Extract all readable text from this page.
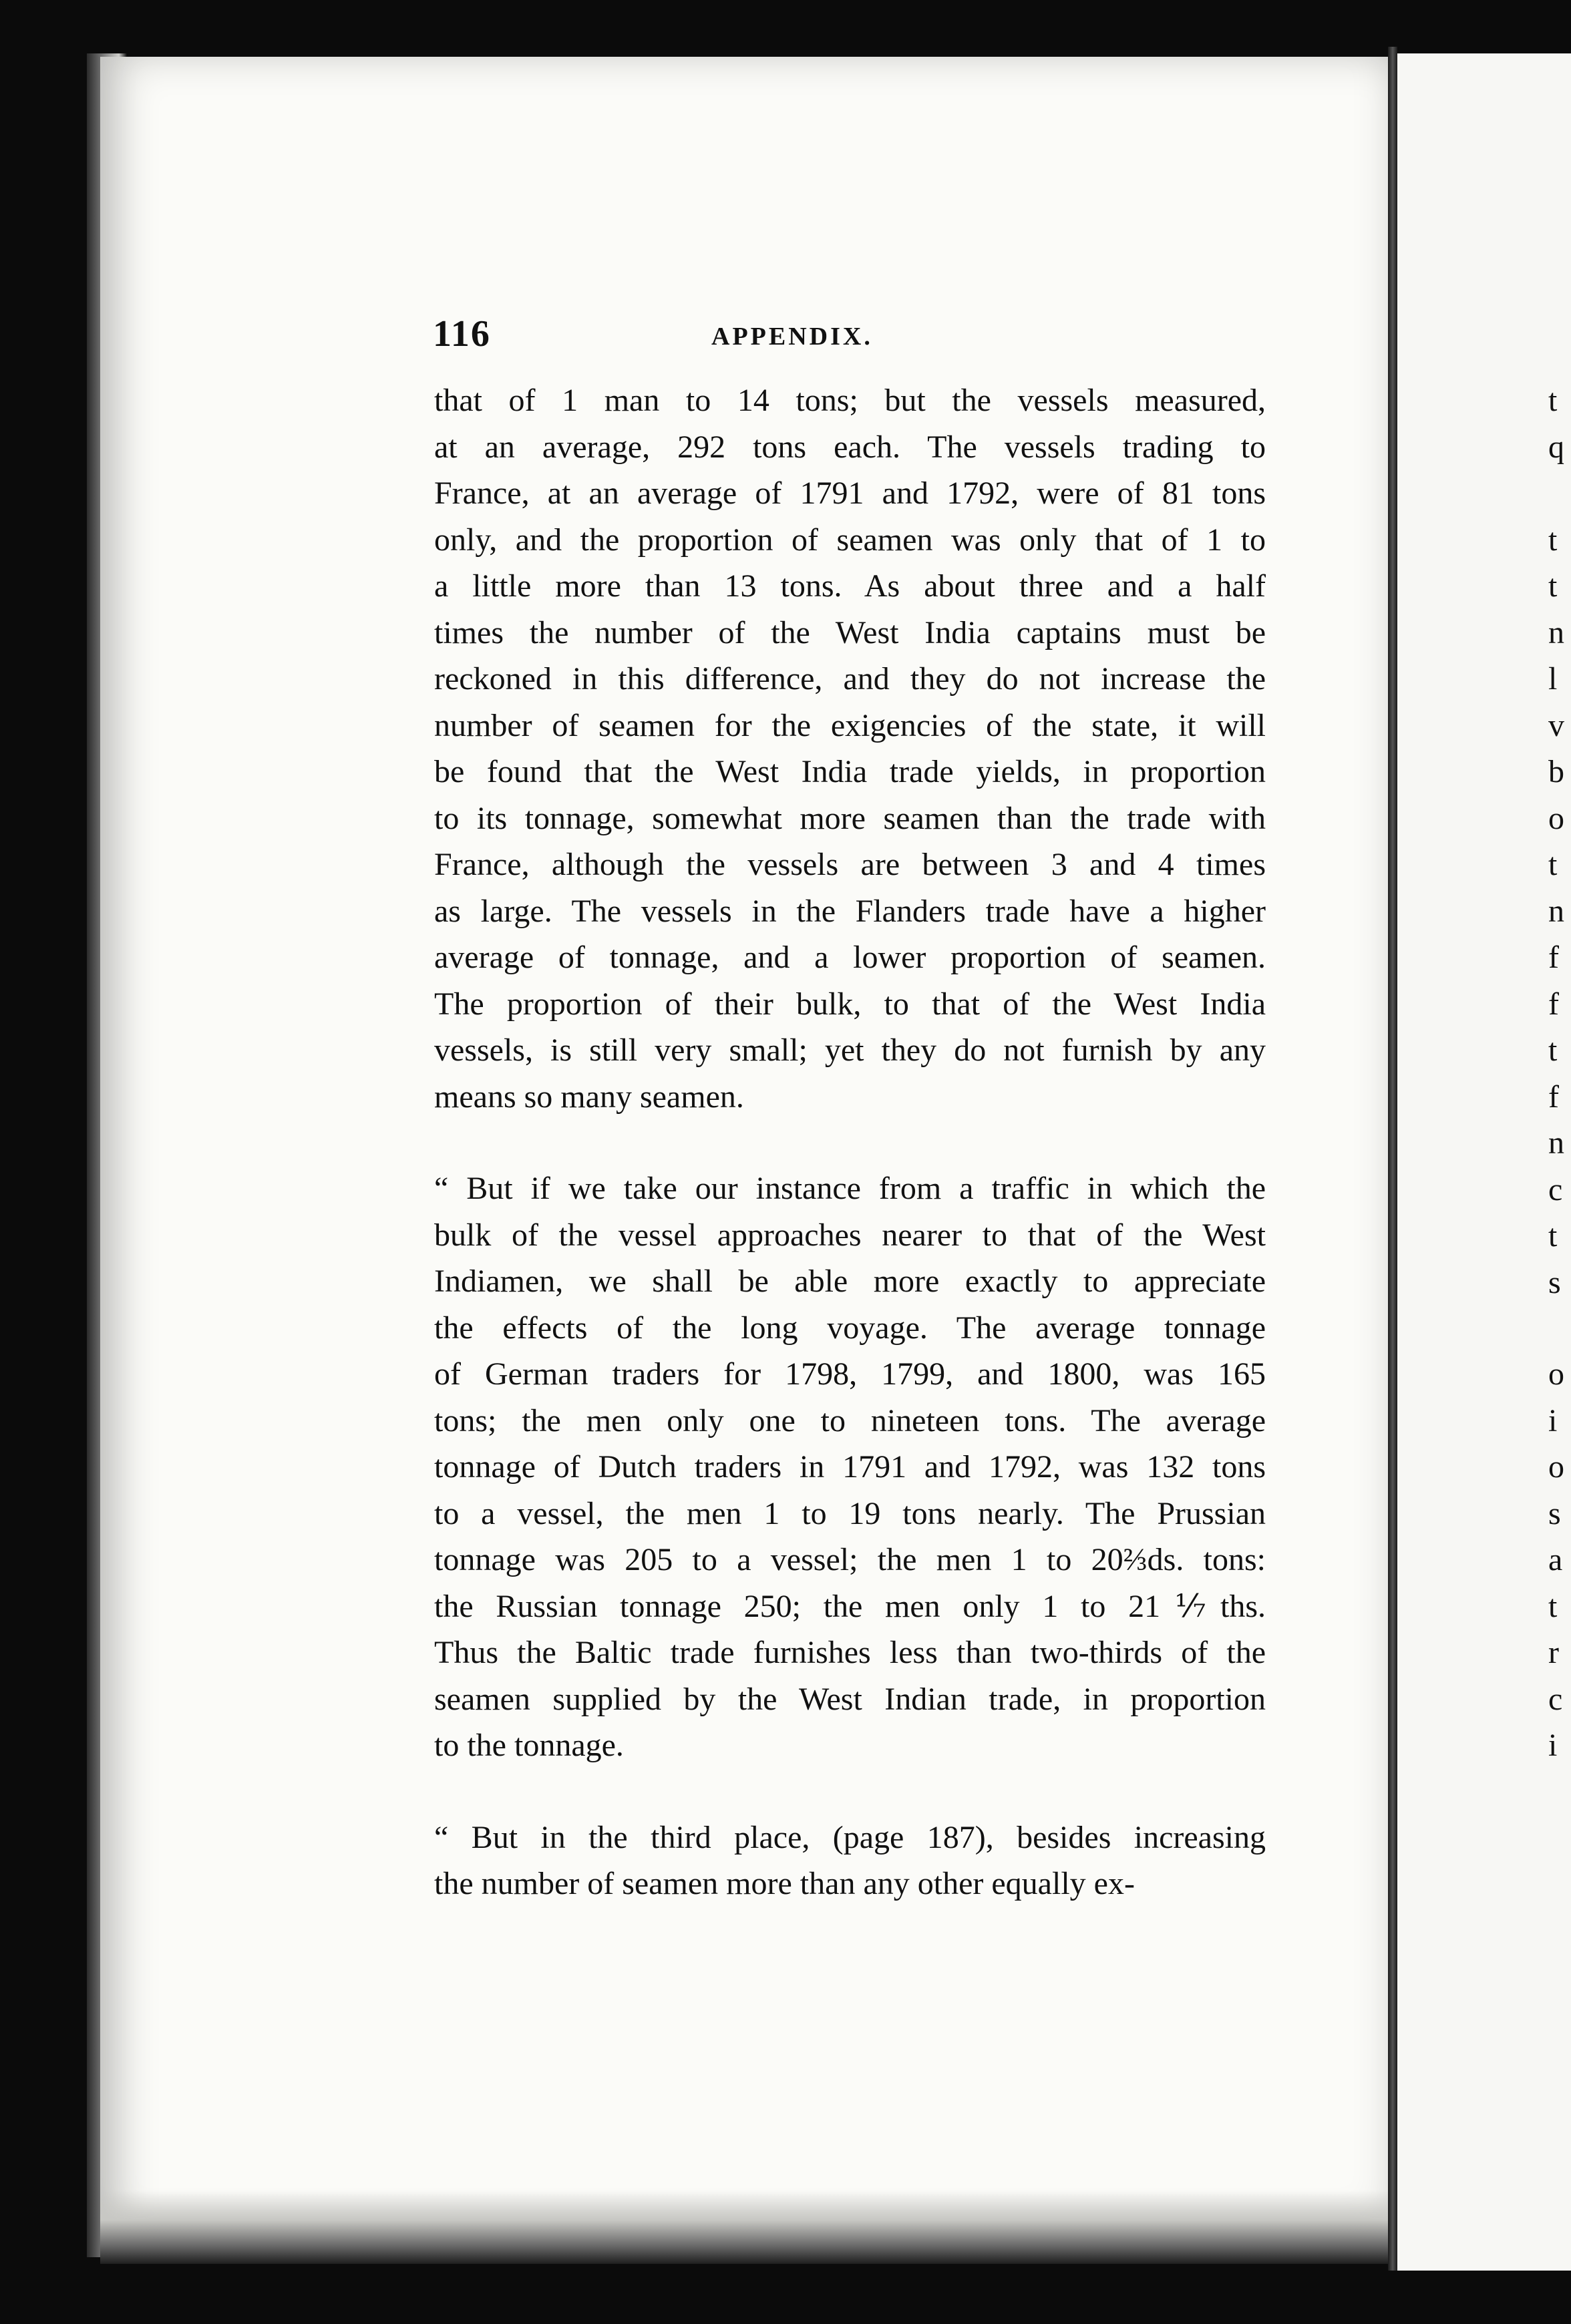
116	APPENDIX.
that of 1 man to 14 tons; but the vessels measured,
at an average, 292 tons each. The vessels trading to
France, at an average of 1791 and 1792, were of 81 tons
only, and the proportion of seamen was only that of 1 to
a little more than 13 tons. As about three and a half
times the number of the West India captains must be
reckoned in this difference, and they do not increase the
number of seamen for the exigencies of the state, it will
be found that the West India trade yields, in proportion
to its tonnage, somewhat more seamen than the trade with
France, although the vessels are between 3 and 4 times
as large. The vessels in the Flanders trade have a higher
average of tonnage, and a lower proportion of seamen.
The proportion of their bulk, to that of the West India
vessels, is still very small; yet they do not furnish by any
means so many seamen.
“ But if we take our instance from a traffic in which the
bulk of the vessel approaches nearer to that of the West
Indiamen, we shall be able more exactly to appreciate
the effects of the long voyage. The average tonnage
of German traders for 1798, 1799, and 1800, was 165
tons; the men only one to nineteen tons. The average
tonnage of Dutch traders in 1791 and 1792, was 132 tons
to a vessel, the men 1 to 19 tons nearly. The Prussian
tonnage was 205 to a vessel; the men 1 to 20⅔ds. tons:
the Russian tonnage 250; the men only 1 to 21⅐ths.
Thus the Baltic trade furnishes less than two-thirds of the
seamen supplied by the West Indian trade, in proportion
to the tonnage.
“ But in the third place, (page 187), besides increasing
the number of seamen more than any other equally ex-
t
q
t
t
n
l
v
b
o
t
n
f
f
t
f
n
c
t
s
o
i
o
s
a
t
r
c
i
